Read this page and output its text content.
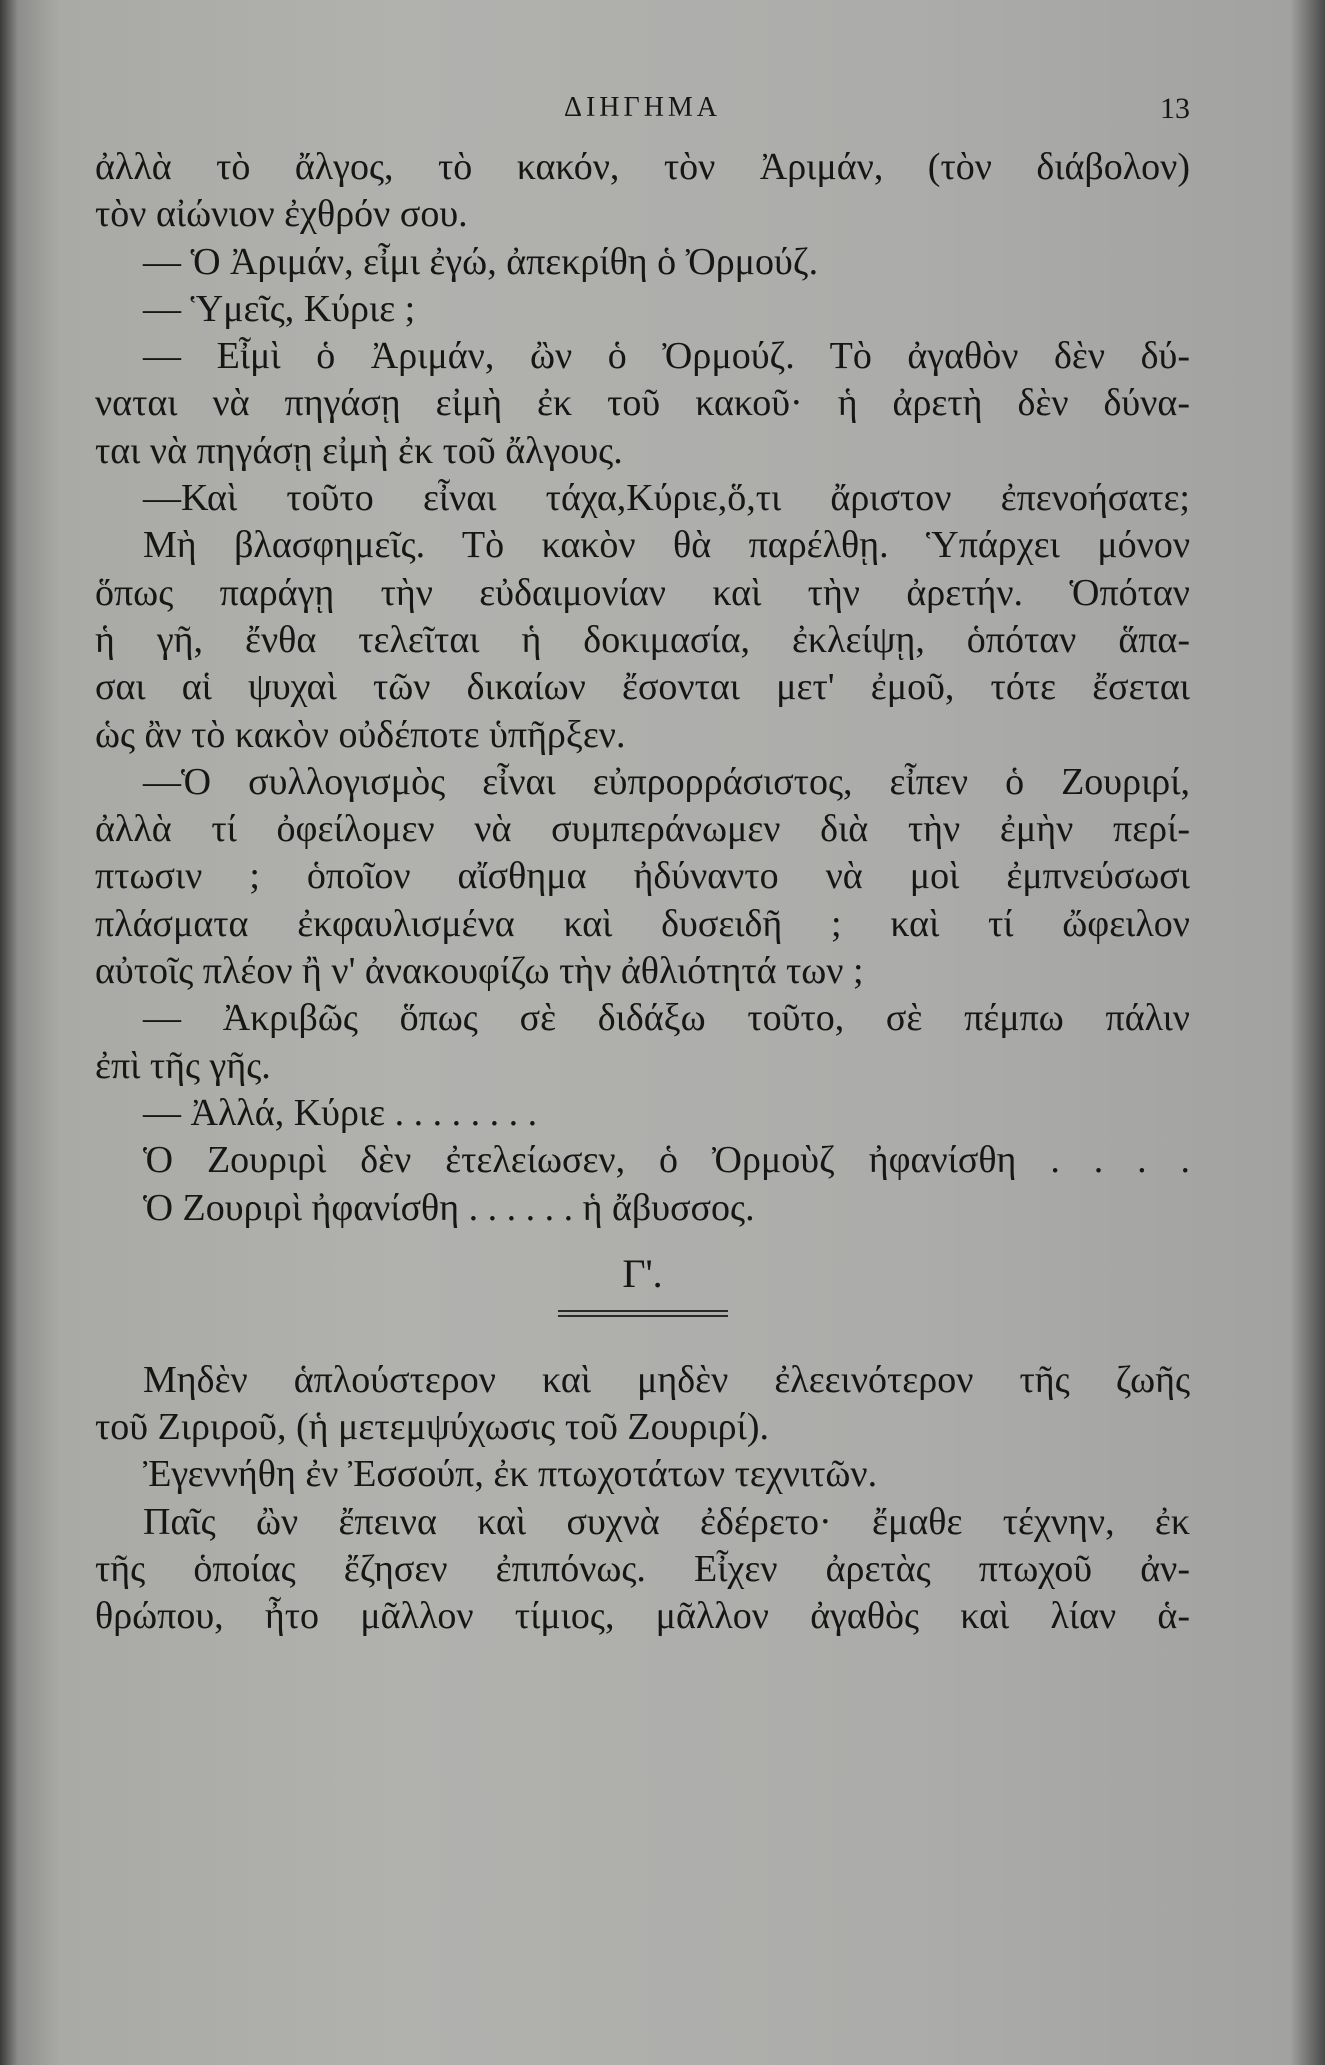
ΔΙΗΓΗΜΑ	13
ἀλλὰ τὸ ἄλγος, τὸ κακόν, τὸν Ἀριμάν, (τὸν διάβολον)
τὸν αἰώνιον ἐχθρόν σου.
— Ὁ Ἀριμάν, εἶμι ἐγώ, ἀπεκρίθη ὁ Ὀρμούζ.
— Ὑμεῖς, Κύριε ;
— Εἶμὶ ὁ Ἀριμάν, ὢν ὁ Ὀρμούζ. Τὸ ἀγαθὸν δὲν δύ-
ναται νὰ πηγάσῃ εἰμὴ ἐκ τοῦ κακοῦ· ἡ ἀρετὴ δὲν δύνα-
ται νὰ πηγάσῃ εἰμὴ ἐκ τοῦ ἄλγους.
—Καὶ τοῦτο εἶναι τάχα,Κύριε,ὅ,τι ἄριστον ἐπενοήσατε;
Μὴ βλασφημεῖς. Τὸ κακὸν θὰ παρέλθῃ. Ὑπάρχει μόνον
ὅπως παράγῃ τὴν εὐδαιμονίαν καὶ τὴν ἀρετήν. Ὁπόταν
ἡ γῆ, ἔνθα τελεῖται ἡ δοκιμασία, ἐκλείψῃ, ὁπόταν ἅπα-
σαι αἱ ψυχαὶ τῶν δικαίων ἔσονται μετ' ἐμοῦ, τότε ἔσεται
ὡς ἂν τὸ κακὸν οὐδέποτε ὑπῆρξεν.
—Ὁ συλλογισμὸς εἶναι εὐπρορράσιστος, εἶπεν ὁ Ζουριρί,
ἀλλὰ τί ὀφείλομεν νὰ συμπεράνωμεν διὰ τὴν ἐμὴν περί-
πτωσιν ; ὁποῖον αἴσθημα ἠδύναντο νὰ μοὶ ἐμπνεύσωσι
πλάσματα ἐκφαυλισμένα καὶ δυσειδῆ ; καὶ τί ὤφειλον
αὐτοῖς πλέον ἢ ν' ἀνακουφίζω τὴν ἀθλιότητά των ;
— Ἀκριβῶς ὅπως σὲ διδάξω τοῦτο, σὲ πέμπω πάλιν
ἐπὶ τῆς γῆς.
— Ἀλλά, Κύριε . . . . . . . .
Ὁ Ζουριρὶ δὲν ἐτελείωσεν, ὁ Ὀρμοὺζ ἠφανίσθη . . . .
Ὁ Ζουριρὶ ἠφανίσθη . . . . . . ἡ ἄβυσσος.
Γ'.
Μηδὲν ἁπλούστερον καὶ μηδὲν ἐλεεινότερον τῆς ζωῆς
τοῦ Ζιριροῦ, (ἡ μετεμψύχωσις τοῦ Ζουριρί).
Ἐγεννήθη ἐν Ἐσσούπ, ἐκ πτωχοτάτων τεχνιτῶν.
Παῖς ὢν ἔπεινα καὶ συχνὰ ἐδέρετο· ἔμαθε τέχνην, ἐκ
τῆς ὁποίας ἔζησεν ἐπιπόνως. Εἶχεν ἀρετὰς πτωχοῦ ἀν-
θρώπου, ἦτο μᾶλλον τίμιος, μᾶλλον ἀγαθὸς καὶ λίαν ἁ-
